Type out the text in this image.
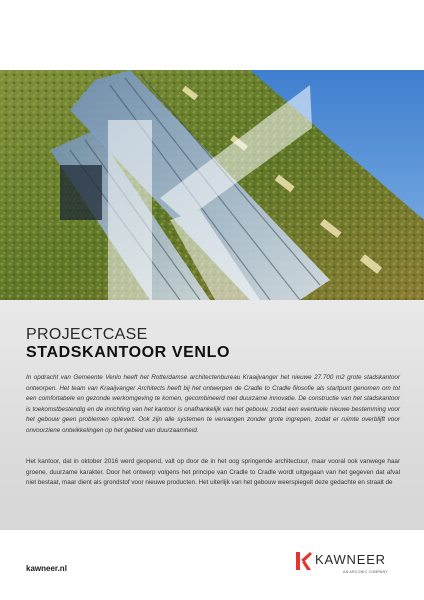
PROJECTCASE
STADSKANTOOR VENLO

In opdracht van Gemeente Venlo heeft het Rotterdamse architectenbureau Kraaijvanger het nieuwe 27.700 m2 grote stadskantoor ontworpen. Het team van Kraaijvanger Architects heeft bij het ontwerpen de Cradle to Cradle filosofie als startpunt genomen om tot een comfortabele en gezonde werkomgeving te komen, gecombineerd met duurzame innovatie. De constructie van het stadskantoor is toekomstbestendig en de inrichting van het kantoor is onafhankelijk van het gebouw, zodat een eventuele nieuwe bestemming voor het gebouw geen problemen oplevert. Ook zijn alle systemen te vervangen zonder grote ingrepen, zodat er ruimte overblijft voor onvoorziene ontwikkelingen op het gebied van duurzaamheid.

Het kantoor, dat in oktober 2016 werd geopend, valt op door de in het oog springende architectuur, maar vooral ook vanwege haar groene, duurzame karakter. Door het ontwerp volgens het principe van Cradle to Cradle wordt uitgegaan van het gegeven dat afval niet bestaat, maar dient als grondstof voor nieuwe producten. Het uiterlijk van het gebouw weerspiegelt deze gedachte en straalt de

kawneer.nl
KAWNEER
AN ARCONIC COMPANY
